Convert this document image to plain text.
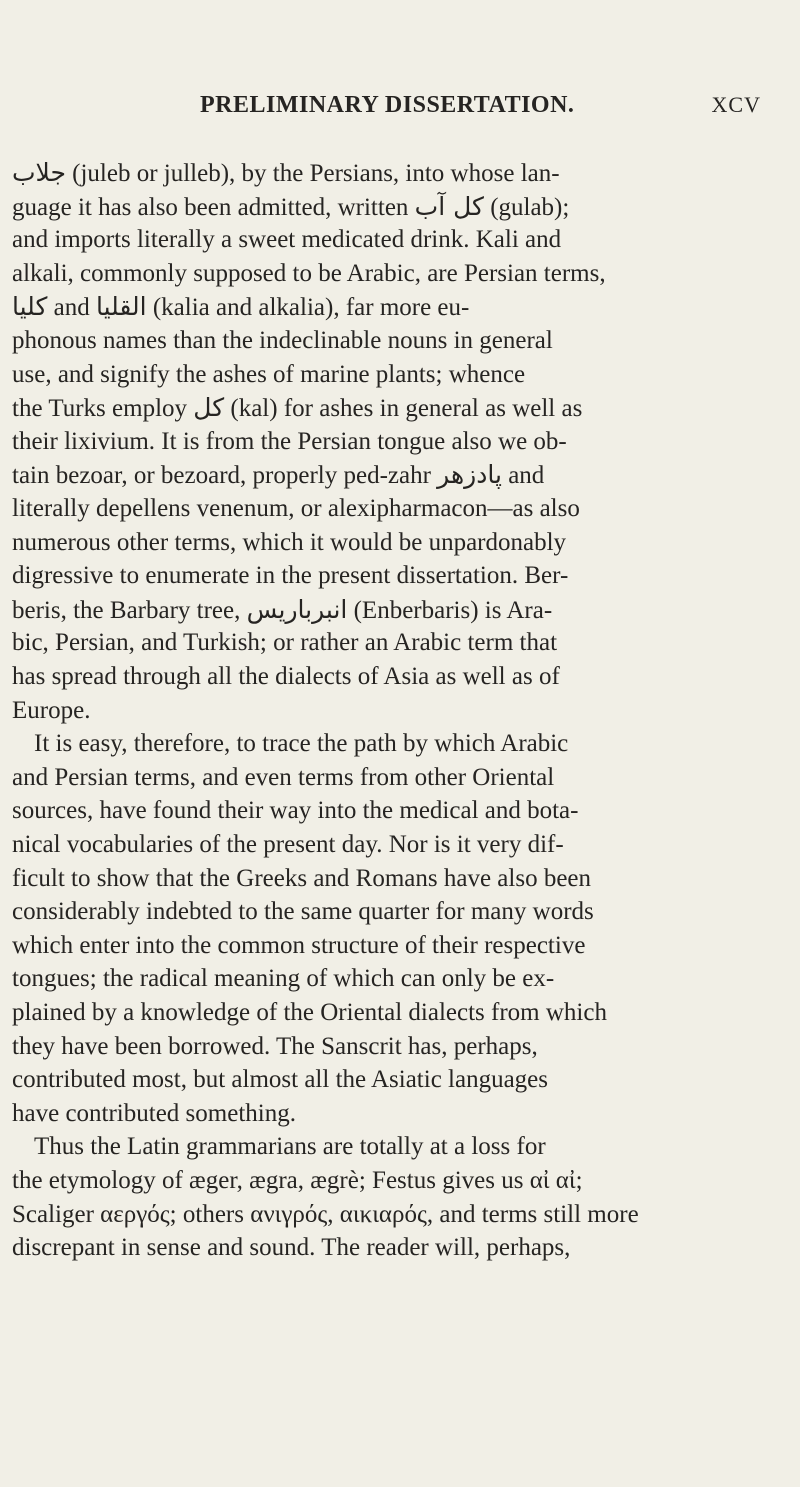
PRELIMINARY DISSERTATION.	XCV
جلاب (juleb or julleb), by the Persians, into whose lan-
guage it has also been admitted, written كل آب (gulab);
and imports literally a sweet medicated drink. Kali and
alkali, commonly supposed to be Arabic, are Persian terms,
كليا and القليا (kalia and alkalia), far more eu-
phonous names than the indeclinable nouns in general
use, and signify the ashes of marine plants; whence
the Turks employ كل (kal) for ashes in general as well as
their lixivium. It is from the Persian tongue also we ob-
tain bezoar, or bezoard, properly ped-zahr پادزهر and
literally depellens venenum, or alexipharmacon—as also
numerous other terms, which it would be unpardonably
digressive to enumerate in the present dissertation. Ber-
beris, the Barbary tree, انبرباريس (Enberbaris) is Ara-
bic, Persian, and Turkish; or rather an Arabic term that
has spread through all the dialects of Asia as well as of
Europe.
It is easy, therefore, to trace the path by which Arabic
and Persian terms, and even terms from other Oriental
sources, have found their way into the medical and bota-
nical vocabularies of the present day. Nor is it very dif-
ficult to show that the Greeks and Romans have also been
considerably indebted to the same quarter for many words
which enter into the common structure of their respective
tongues; the radical meaning of which can only be ex-
plained by a knowledge of the Oriental dialects from which
they have been borrowed. The Sanscrit has, perhaps,
contributed most, but almost all the Asiatic languages
have contributed something.
Thus the Latin grammarians are totally at a loss for
the etymology of æger, ægra, ægrè; Festus gives us αἰ αἰ;
Scaliger αεργός; others ανιγρός, αικιαρός, and terms still more
discrepant in sense and sound. The reader will, perhaps,
